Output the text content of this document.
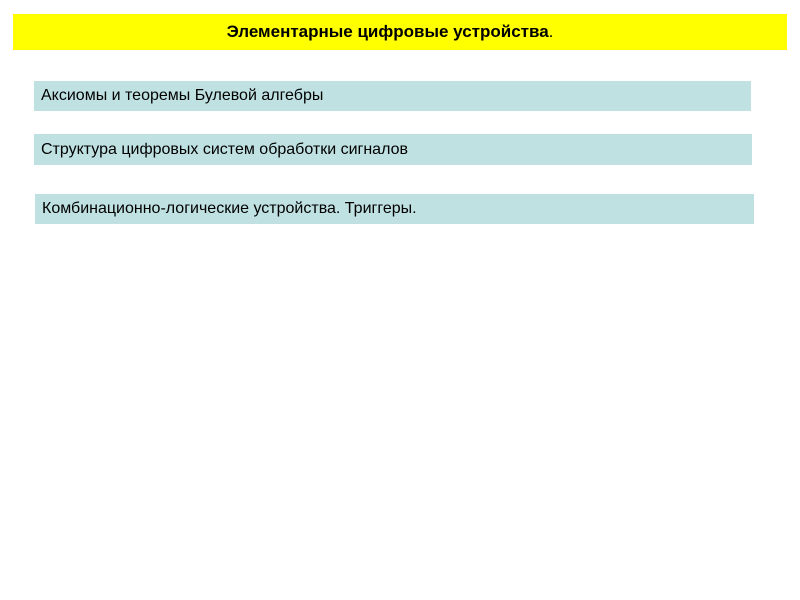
Элементарные цифровые устройства.
Аксиомы и теоремы Булевой алгебры
Структура цифровых систем обработки сигналов
Комбинационно-логические устройства. Триггеры.
